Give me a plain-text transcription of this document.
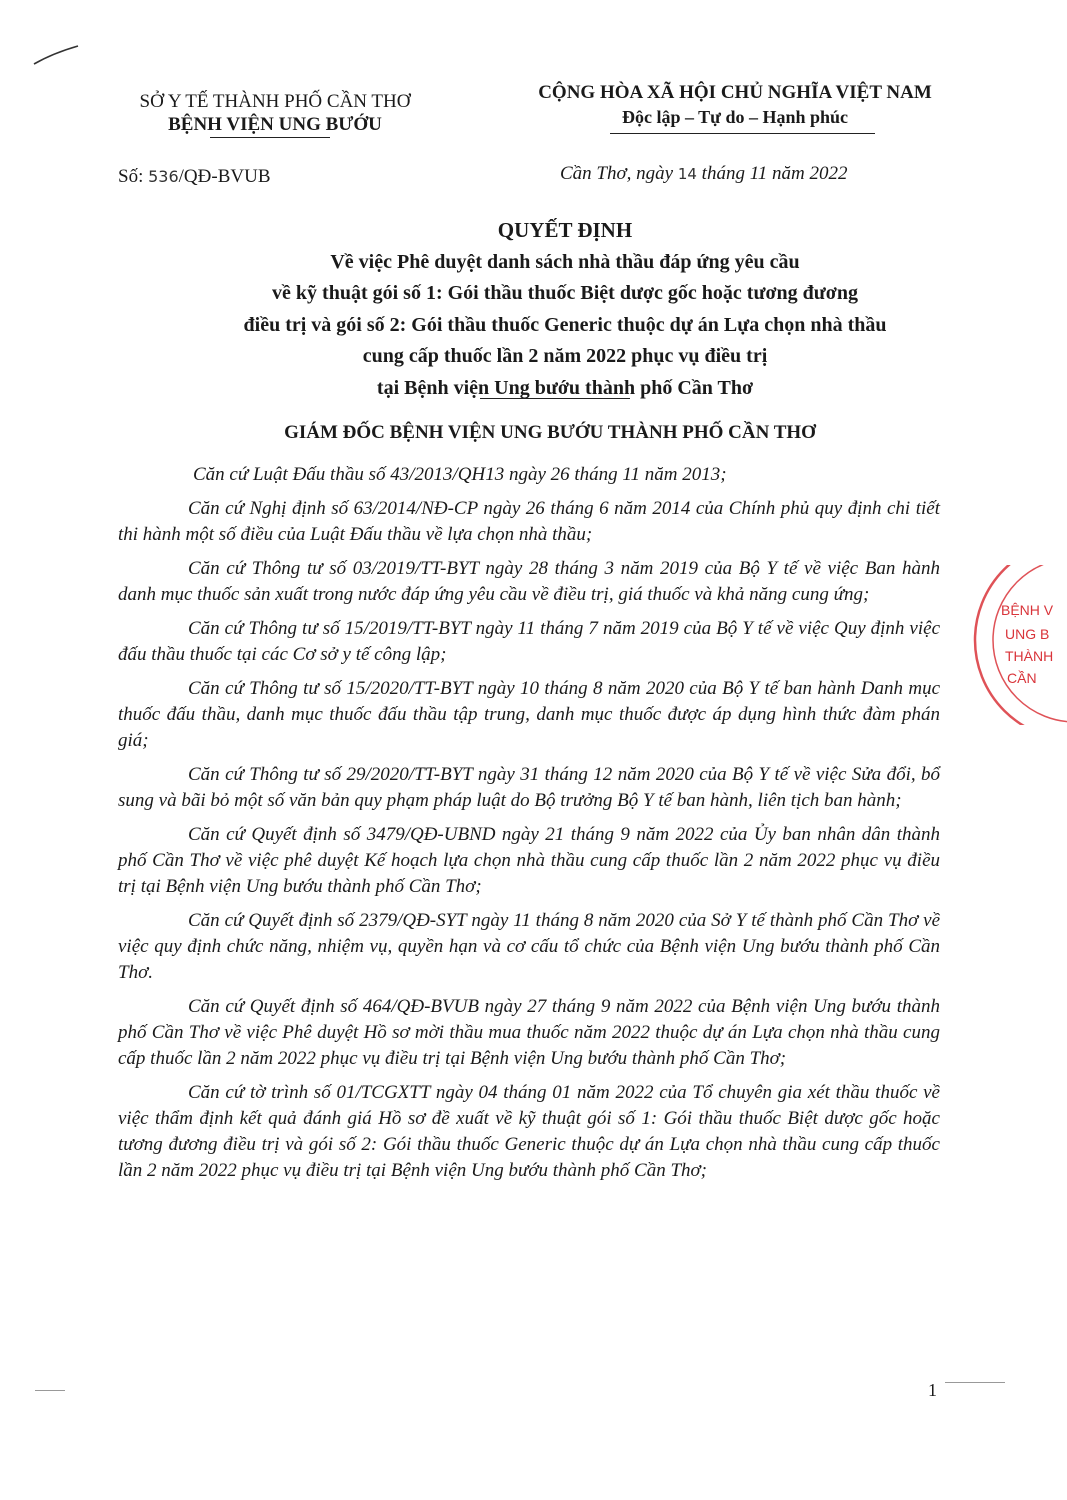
SỞ Y TẾ THÀNH PHỐ CẦN THƠ
BỆNH VIỆN UNG BƯỚU
CỘNG HÒA XÃ HỘI CHỦ NGHĨA VIỆT NAM
Độc lập – Tự do – Hạnh phúc
Số: 536/QĐ-BVUB	Cần Thơ, ngày 14 tháng 11 năm 2022
QUYẾT ĐỊNH
Về việc Phê duyệt danh sách nhà thầu đáp ứng yêu cầu
về kỹ thuật gói số 1: Gói thầu thuốc Biệt dược gốc hoặc tương đương
điều trị và gói số 2: Gói thầu thuốc Generic thuộc dự án Lựa chọn nhà thầu
cung cấp thuốc lần 2 năm 2022 phục vụ điều trị
tại Bệnh viện Ung bướu thành phố Cần Thơ
GIÁM ĐỐC BỆNH VIỆN UNG BƯỚU THÀNH PHỐ CẦN THƠ

Căn cứ Luật Đấu thầu số 43/2013/QH13 ngày 26 tháng 11 năm 2013;

Căn cứ Nghị định số 63/2014/NĐ-CP ngày 26 tháng 6 năm 2014 của Chính phủ quy định chi tiết thi hành một số điều của Luật Đấu thầu về lựa chọn nhà thầu;

Căn cứ Thông tư số 03/2019/TT-BYT ngày 28 tháng 3 năm 2019 của Bộ Y tế về việc Ban hành danh mục thuốc sản xuất trong nước đáp ứng yêu cầu về điều trị, giá thuốc và khả năng cung ứng;

Căn cứ Thông tư số 15/2019/TT-BYT ngày 11 tháng 7 năm 2019 của Bộ Y tế về việc Quy định việc đấu thầu thuốc tại các Cơ sở y tế công lập;

Căn cứ Thông tư số 15/2020/TT-BYT ngày 10 tháng 8 năm 2020 của Bộ Y tế ban hành Danh mục thuốc đấu thầu, danh mục thuốc đấu thầu tập trung, danh mục thuốc được áp dụng hình thức đàm phán giá;

Căn cứ Thông tư số 29/2020/TT-BYT ngày 31 tháng 12 năm 2020 của Bộ Y tế về việc Sửa đổi, bổ sung và bãi bỏ một số văn bản quy phạm pháp luật do Bộ trưởng Bộ Y tế ban hành, liên tịch ban hành;

Căn cứ Quyết định số 3479/QĐ-UBND ngày 21 tháng 9 năm 2022 của Ủy ban nhân dân thành phố Cần Thơ về việc phê duyệt Kế hoạch lựa chọn nhà thầu cung cấp thuốc lần 2 năm 2022 phục vụ điều trị tại Bệnh viện Ung bướu thành phố Cần Thơ;

Căn cứ Quyết định số 2379/QĐ-SYT ngày 11 tháng 8 năm 2020 của Sở Y tế thành phố Cần Thơ về việc quy định chức năng, nhiệm vụ, quyền hạn và cơ cấu tổ chức của Bệnh viện Ung bướu thành phố Cần Thơ.

Căn cứ Quyết định số 464/QĐ-BVUB ngày 27 tháng 9 năm 2022 của Bệnh viện Ung bướu thành phố Cần Thơ về việc Phê duyệt Hồ sơ mời thầu mua thuốc năm 2022 thuộc dự án Lựa chọn nhà thầu cung cấp thuốc lần 2 năm 2022 phục vụ điều trị tại Bệnh viện Ung bướu thành phố Cần Thơ;

Căn cứ tờ trình số 01/TCGXTT ngày 04 tháng 01 năm 2022 của Tổ chuyên gia xét thầu thuốc về việc thẩm định kết quả đánh giá Hồ sơ đề xuất về kỹ thuật gói số 1: Gói thầu thuốc Biệt dược gốc hoặc tương đương điều trị và gói số 2: Gói thầu thuốc Generic thuộc dự án Lựa chọn nhà thầu cung cấp thuốc lần 2 năm 2022 phục vụ điều trị tại Bệnh viện Ung bướu thành phố Cần Thơ;

BỆNH V
UNG B
THÀNH
CẦN
1
